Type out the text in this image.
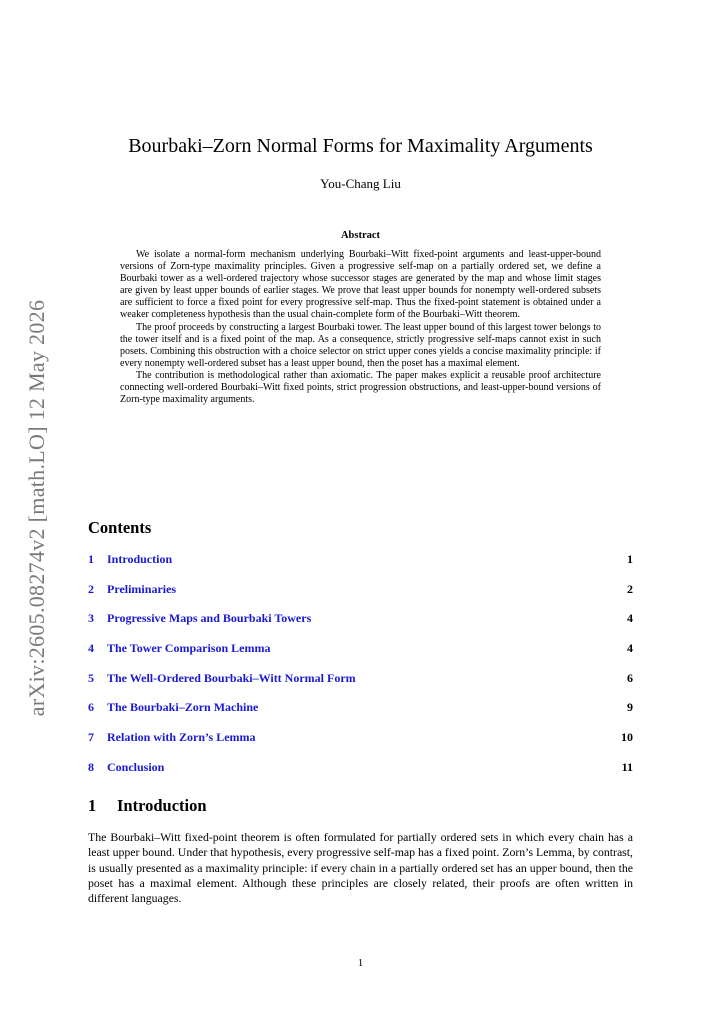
arXiv:2605.08274v2 [math.LO] 12 May 2026
Bourbaki–Zorn Normal Forms for Maximality Arguments
You-Chang Liu
Abstract

We isolate a normal-form mechanism underlying Bourbaki–Witt fixed-point arguments and least-upper-bound versions of Zorn-type maximality principles. Given a progressive self-map on a partially ordered set, we define a Bourbaki tower as a well-ordered trajectory whose successor stages are generated by the map and whose limit stages are given by least upper bounds of earlier stages. We prove that least upper bounds for nonempty well-ordered subsets are sufficient to force a fixed point for every progressive self-map. Thus the fixed-point statement is obtained under a weaker completeness hypothesis than the usual chain-complete form of the Bourbaki–Witt theorem.

The proof proceeds by constructing a largest Bourbaki tower. The least upper bound of this largest tower belongs to the tower itself and is a fixed point of the map. As a consequence, strictly progressive self-maps cannot exist in such posets. Combining this obstruction with a choice selector on strict upper cones yields a concise maximality principle: if every nonempty well-ordered subset has a least upper bound, then the poset has a maximal element.

The contribution is methodological rather than axiomatic. The paper makes explicit a reusable proof architecture connecting well-ordered Bourbaki–Witt fixed points, strict progression obstructions, and least-upper-bound versions of Zorn-type maximality arguments.

Contents
1	Introduction	1
2	Preliminaries	2
3	Progressive Maps and Bourbaki Towers	4
4	The Tower Comparison Lemma	4
5	The Well-Ordered Bourbaki–Witt Normal Form	6
6	The Bourbaki–Zorn Machine	9
7	Relation with Zorn’s Lemma	10
8	Conclusion	11
1 Introduction

The Bourbaki–Witt fixed-point theorem is often formulated for partially ordered sets in which every chain has a least upper bound. Under that hypothesis, every progressive self-map has a fixed point. Zorn’s Lemma, by contrast, is usually presented as a maximality principle: if every chain in a partially ordered set has an upper bound, then the poset has a maximal element. Although these principles are closely related, their proofs are often written in different languages.

1
